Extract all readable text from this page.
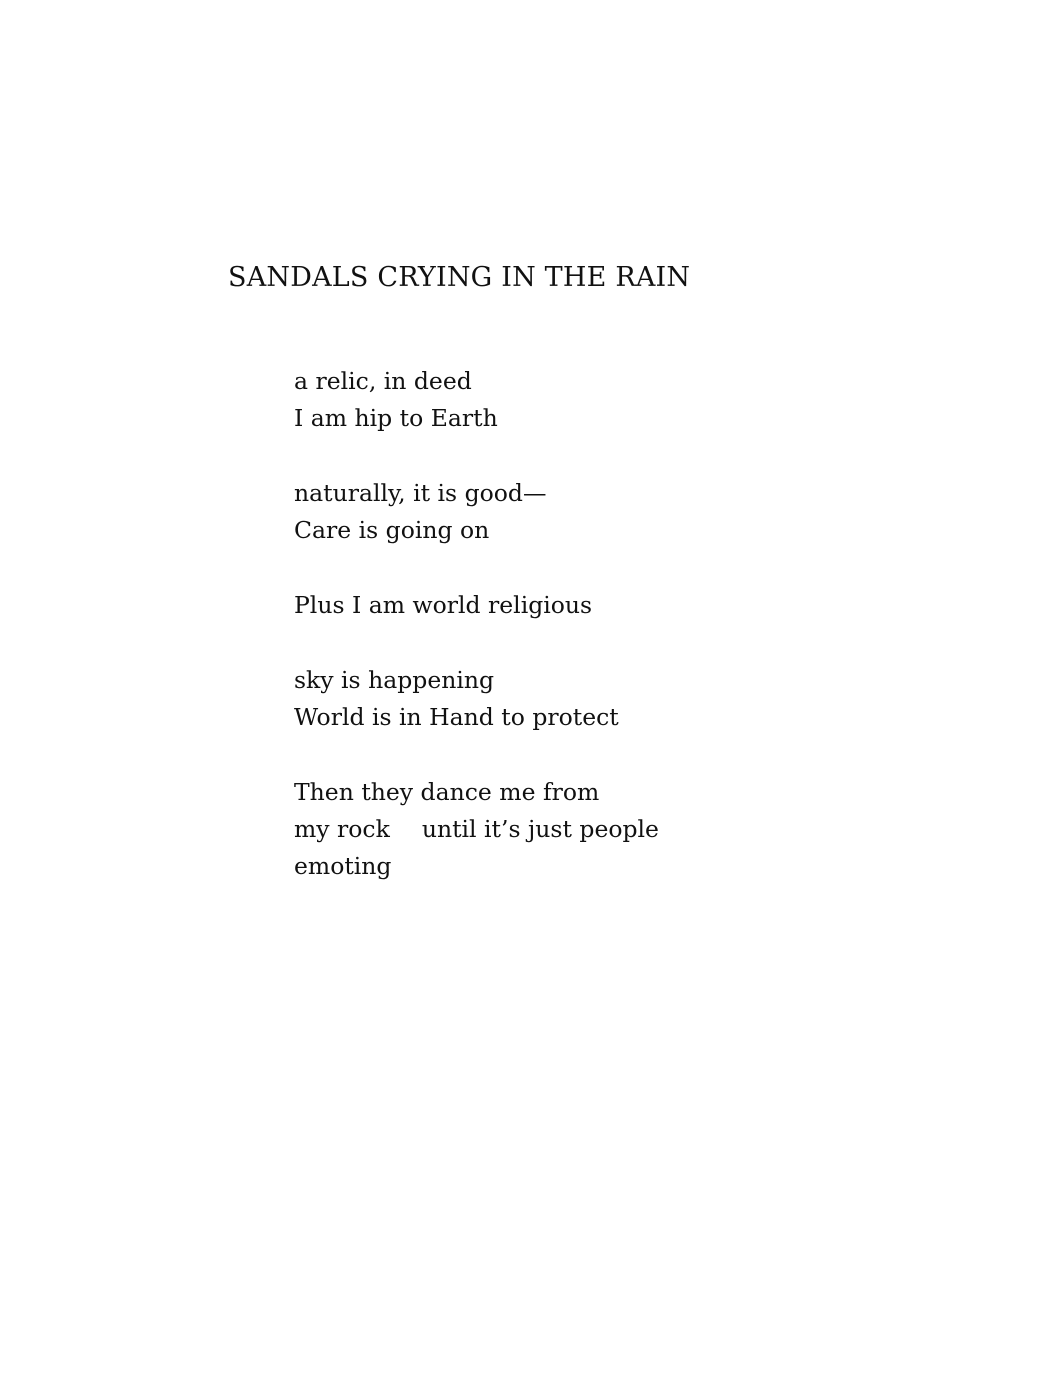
SANDALS CRYING IN THE RAIN
a relic, in deed
I am hip to Earth
naturally, it is good—
Care is going on
Plus I am world religious
sky is happening
World is in Hand to protect
Then they dance me from
my rock until it’s just people
emoting
